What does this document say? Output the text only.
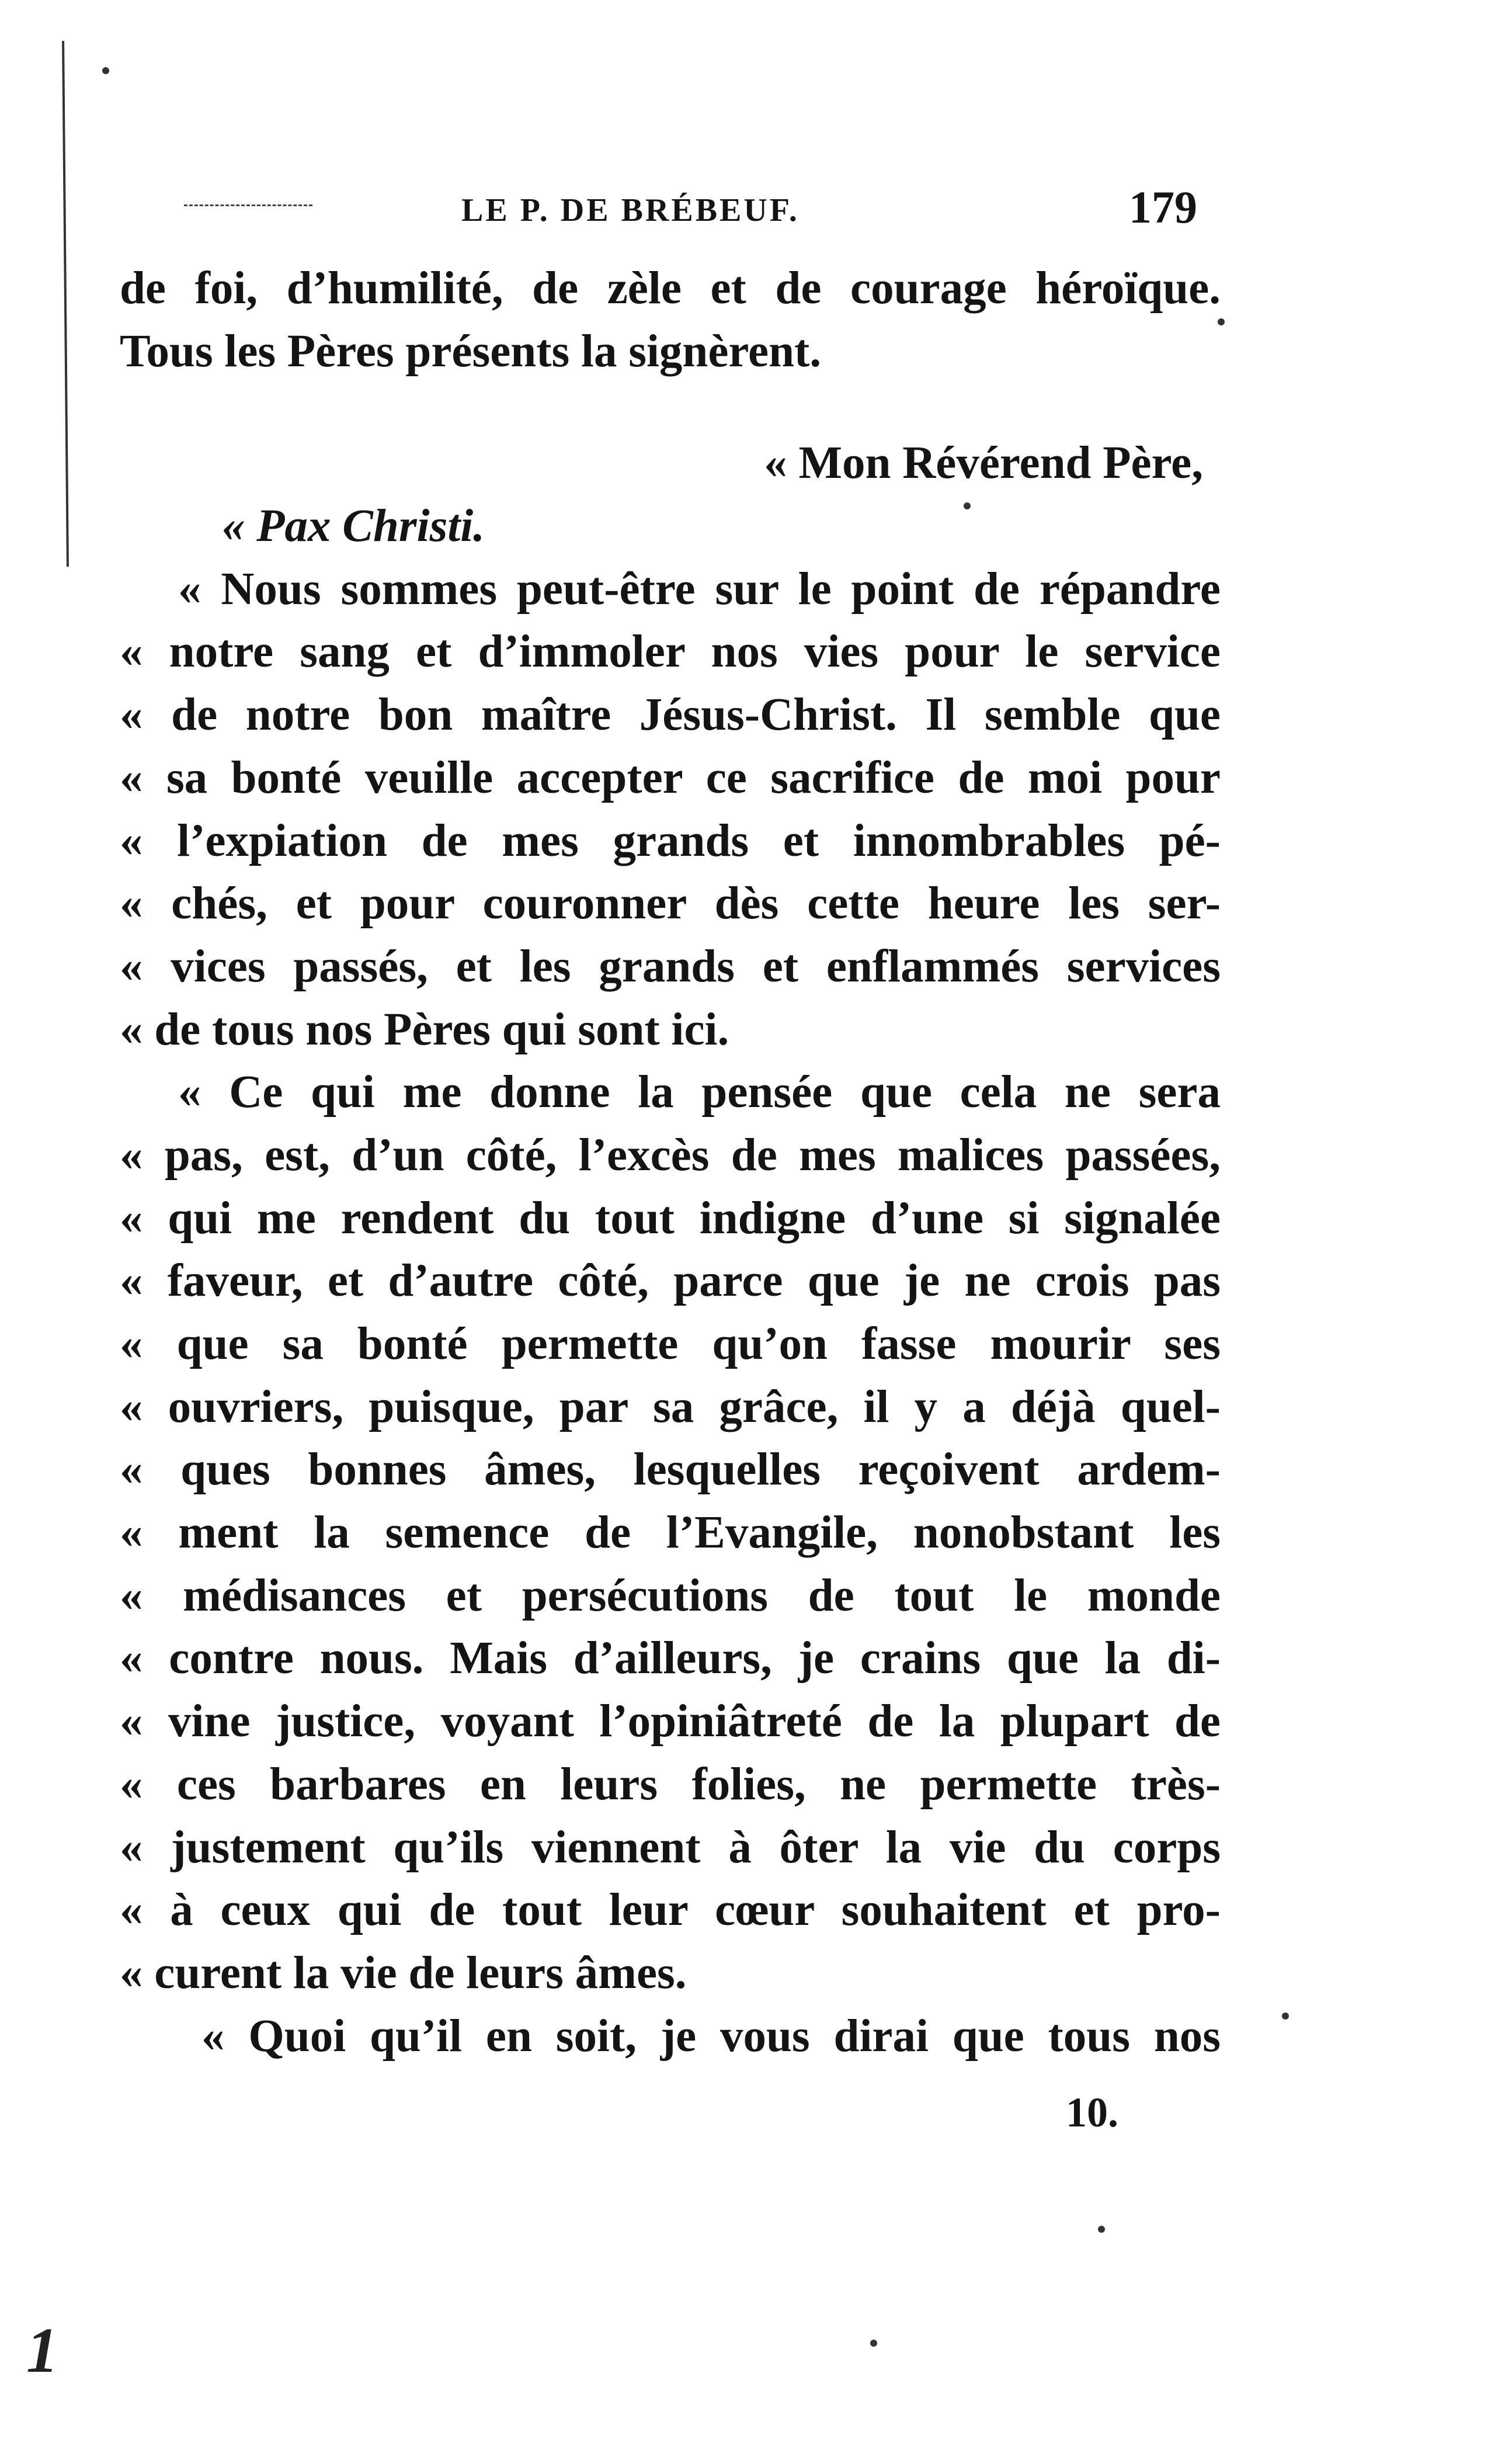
LE P. DE BRÉBEUF.	179
de foi, d’humilité, de zèle et de courage héroïque.
Tous les Pères présents la signèrent.
« Mon Révérend Père,
« Pax Christi.
« Nous sommes peut-être sur le point de répandre
« notre sang et d’immoler nos vies pour le service
« de notre bon maître Jésus-Christ. Il semble que
« sa bonté veuille accepter ce sacrifice de moi pour
« l’expiation de mes grands et innombrables pé-
« chés, et pour couronner dès cette heure les ser-
« vices passés, et les grands et enflammés services
« de tous nos Pères qui sont ici.
« Ce qui me donne la pensée que cela ne sera
« pas, est, d’un côté, l’excès de mes malices passées,
« qui me rendent du tout indigne d’une si signalée
« faveur, et d’autre côté, parce que je ne crois pas
« que sa bonté permette qu’on fasse mourir ses
« ouvriers, puisque, par sa grâce, il y a déjà quel-
« ques bonnes âmes, lesquelles reçoivent ardem-
« ment la semence de l’Evangile, nonobstant les
« médisances et persécutions de tout le monde
« contre nous. Mais d’ailleurs, je crains que la di-
« vine justice, voyant l’opiniâtreté de la plupart de
« ces barbares en leurs folies, ne permette très-
« justement qu’ils viennent à ôter la vie du corps
« à ceux qui de tout leur cœur souhaitent et pro-
« curent la vie de leurs âmes.
« Quoi qu’il en soit, je vous dirai que tous nos
10.
1
